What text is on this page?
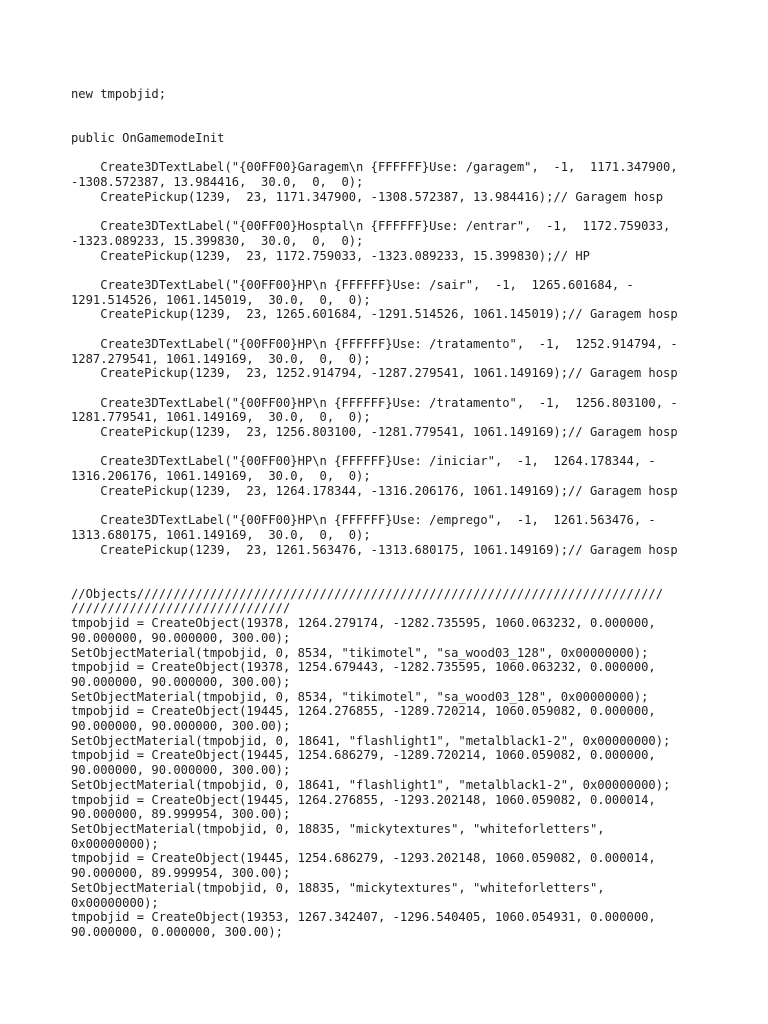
new tmpobjid;
public OnGamemodeInit
Create3DTextLabel("{00FF00}Garagem\n {FFFFFF}Use: /garagem",  -1,  1171.347900,
-1308.572387, 13.984416,  30.0,  0,  0);
CreatePickup(1239,  23, 1171.347900, -1308.572387, 13.984416);// Garagem hosp
Create3DTextLabel("{00FF00}Hosptal\n {FFFFFF}Use: /entrar",  -1,  1172.759033,
-1323.089233, 15.399830,  30.0,  0,  0);
CreatePickup(1239,  23, 1172.759033, -1323.089233, 15.399830);// HP
Create3DTextLabel("{00FF00}HP\n {FFFFFF}Use: /sair",  -1,  1265.601684, -
1291.514526, 1061.145019,  30.0,  0,  0);
CreatePickup(1239,  23, 1265.601684, -1291.514526, 1061.145019);// Garagem hosp
Create3DTextLabel("{00FF00}HP\n {FFFFFF}Use: /tratamento",  -1,  1252.914794, -
1287.279541, 1061.149169,  30.0,  0,  0);
CreatePickup(1239,  23, 1252.914794, -1287.279541, 1061.149169);// Garagem hosp
Create3DTextLabel("{00FF00}HP\n {FFFFFF}Use: /tratamento",  -1,  1256.803100, -
1281.779541, 1061.149169,  30.0,  0,  0);
CreatePickup(1239,  23, 1256.803100, -1281.779541, 1061.149169);// Garagem hosp
Create3DTextLabel("{00FF00}HP\n {FFFFFF}Use: /iniciar",  -1,  1264.178344, -
1316.206176, 1061.149169,  30.0,  0,  0);
CreatePickup(1239,  23, 1264.178344, -1316.206176, 1061.149169);// Garagem hosp
Create3DTextLabel("{00FF00}HP\n {FFFFFF}Use: /emprego",  -1,  1261.563476, -
1313.680175, 1061.149169,  30.0,  0,  0);
CreatePickup(1239,  23, 1261.563476, -1313.680175, 1061.149169);// Garagem hosp
//Objects////////////////////////////////////////////////////////////////////////
//////////////////////////////
tmpobjid = CreateObject(19378, 1264.279174, -1282.735595, 1060.063232, 0.000000,
90.000000, 90.000000, 300.00);
SetObjectMaterial(tmpobjid, 0, 8534, "tikimotel", "sa_wood03_128", 0x00000000);
tmpobjid = CreateObject(19378, 1254.679443, -1282.735595, 1060.063232, 0.000000,
90.000000, 90.000000, 300.00);
SetObjectMaterial(tmpobjid, 0, 8534, "tikimotel", "sa_wood03_128", 0x00000000);
tmpobjid = CreateObject(19445, 1264.276855, -1289.720214, 1060.059082, 0.000000,
90.000000, 90.000000, 300.00);
SetObjectMaterial(tmpobjid, 0, 18641, "flashlight1", "metalblack1-2", 0x00000000);
tmpobjid = CreateObject(19445, 1254.686279, -1289.720214, 1060.059082, 0.000000,
90.000000, 90.000000, 300.00);
SetObjectMaterial(tmpobjid, 0, 18641, "flashlight1", "metalblack1-2", 0x00000000);
tmpobjid = CreateObject(19445, 1264.276855, -1293.202148, 1060.059082, 0.000014,
90.000000, 89.999954, 300.00);
SetObjectMaterial(tmpobjid, 0, 18835, "mickytextures", "whiteforletters",
0x00000000);
tmpobjid = CreateObject(19445, 1254.686279, -1293.202148, 1060.059082, 0.000014,
90.000000, 89.999954, 300.00);
SetObjectMaterial(tmpobjid, 0, 18835, "mickytextures", "whiteforletters",
0x00000000);
tmpobjid = CreateObject(19353, 1267.342407, -1296.540405, 1060.054931, 0.000000,
90.000000, 0.000000, 300.00);
